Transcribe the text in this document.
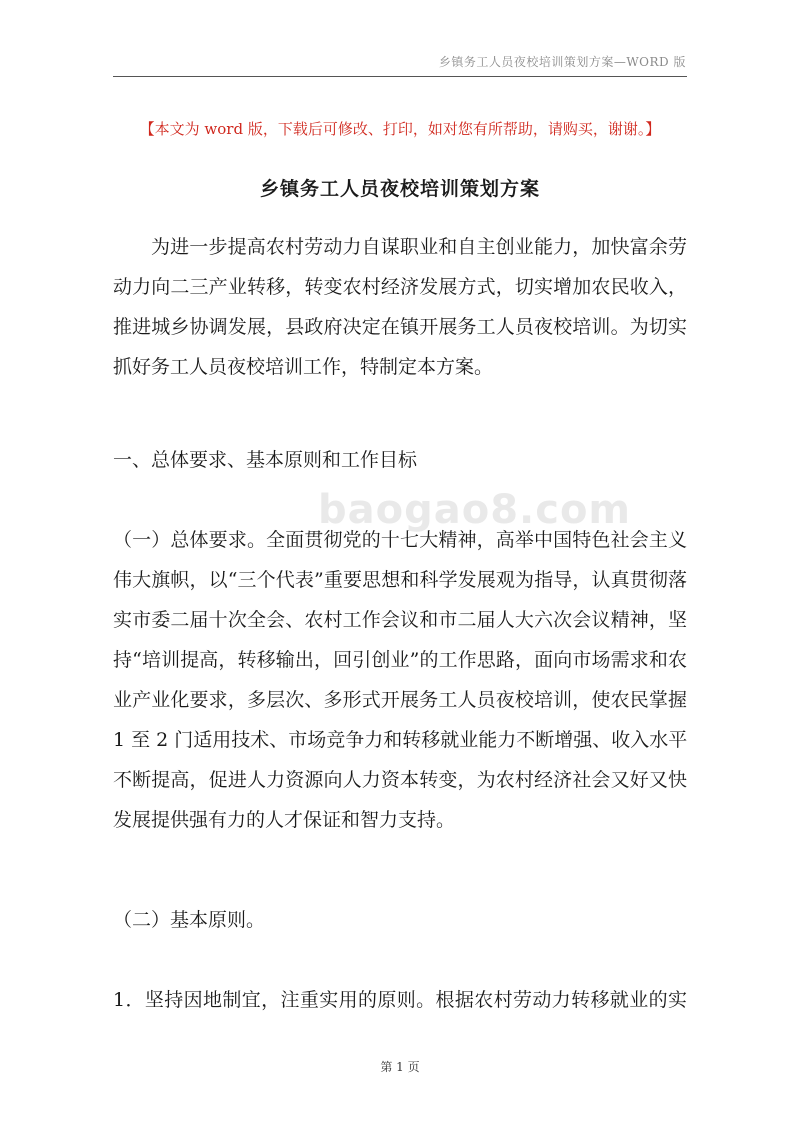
乡镇务工人员夜校培训策划方案—WORD 版
【本文为 word 版，下载后可修改、打印，如对您有所帮助，请购买，谢谢。】
乡镇务工人员夜校培训策划方案
baogao8.com

为进一步提高农村劳动力自谋职业和自主创业能力，加快富余劳
动力向二三产业转移，转变农村经济发展方式，切实增加农民收入，
推进城乡协调发展，县政府决定在镇开展务工人员夜校培训。为切实
抓好务工人员夜校培训工作，特制定本方案。

一、总体要求、基本原则和工作目标

（一）总体要求。全面贯彻党的十七大精神，高举中国特色社会主义
伟大旗帜，以“三个代表”重要思想和科学发展观为指导，认真贯彻落
实市委二届十次全会、农村工作会议和市二届人大六次会议精神，坚
持“培训提高，转移输出，回引创业”的工作思路，面向市场需求和农
业产业化要求，多层次、多形式开展务工人员夜校培训，使农民掌握
1 至 2 门适用技术、市场竞争力和转移就业能力不断增强、收入水平
不断提高，促进人力资源向人力资本转变，为农村经济社会又好又快
发展提供强有力的人才保证和智力支持。

（二）基本原则。

1．坚持因地制宜，注重实用的原则。根据农村劳动力转移就业的实

第 1 页
